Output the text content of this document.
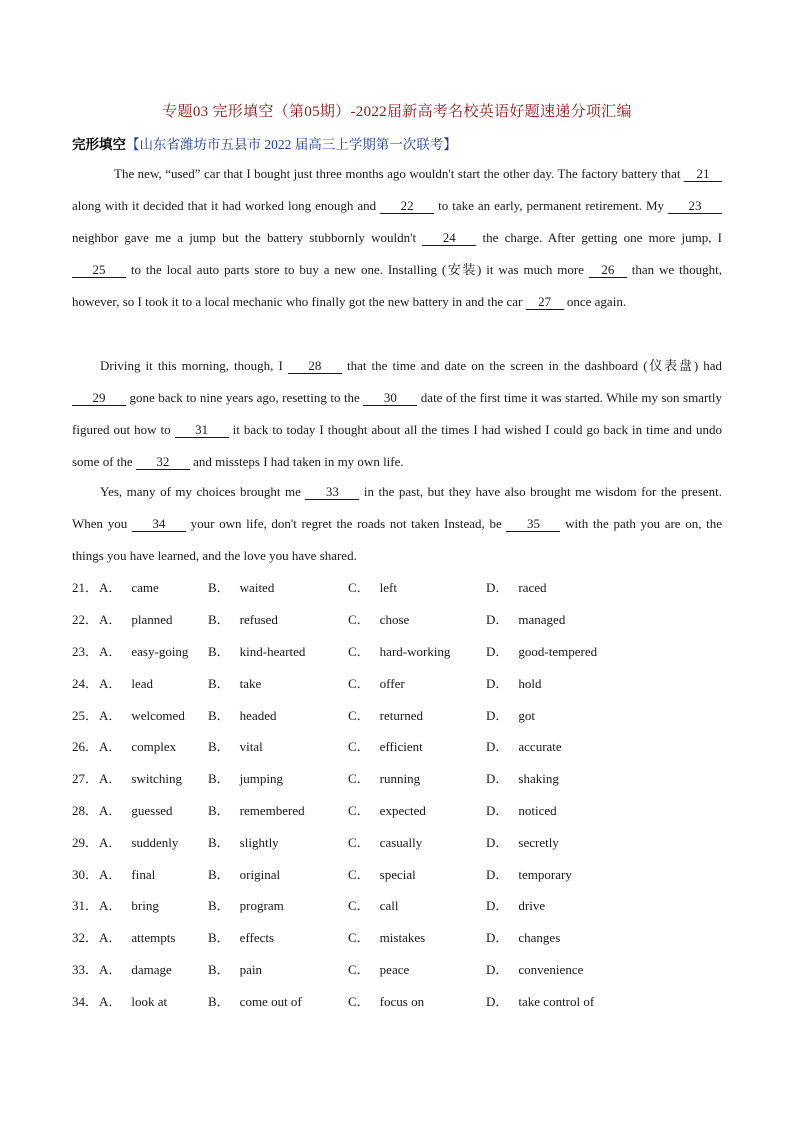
专题03 完形填空（第05期）-2022届新高考名校英语好题速递分项汇编
完形填空【山东省潍坊市五县市 2022 届高三上学期第一次联考】
The new, “used” car that I bought just three months ago wouldn't start the other day. The factory battery that 21 along with it decided that it had worked long enough and 22 to take an early, permanent retirement. My 23 neighbor gave me a jump but the battery stubbornly wouldn't 24 the charge. After getting one more jump, I 25 to the local auto parts store to buy a new one. Installing (安装) it was much more 26 than we thought, however, so I took it to a local mechanic who finally got the new battery in and the car 27 once again.
Driving it this morning, though, I 28 that the time and date on the screen in the dashboard (仪表盘) had 29 gone back to nine years ago, resetting to the 30 date of the first time it was started. While my son smartly figured out how to 31 it back to today I thought about all the times I had wished I could go back in time and undo some of the 32 and missteps I had taken in my own life.
Yes, many of my choices brought me 33 in the past, but they have also brought me wisdom for the present. When you 34 your own life, don't regret the roads not taken Instead, be 35 with the path you are on, the things you have learned, and the love you have shared.
21． A． came	B． waited	C． left	D． raced
22． A． planned	B． refused	C． chose	D． managed
23． A． easy-going	B． kind-hearted	C． hard-working	D． good-tempered
24． A． lead	B． take	C． offer	D． hold
25． A． welcomed	B． headed	C． returned	D． got
26． A． complex	B． vital	C． efficient	D． accurate
27． A． switching	B． jumping	C． running	D． shaking
28． A． guessed	B． remembered	C． expected	D． noticed
29． A． suddenly	B． slightly	C． casually	D． secretly
30． A． final	B． original	C． special	D． temporary
31． A． bring	B． program	C． call	D． drive
32． A． attempts	B． effects	C． mistakes	D． changes
33． A． damage	B． pain	C． peace	D． convenience
34． A． look at	B． come out of	C． focus on	D． take control of
